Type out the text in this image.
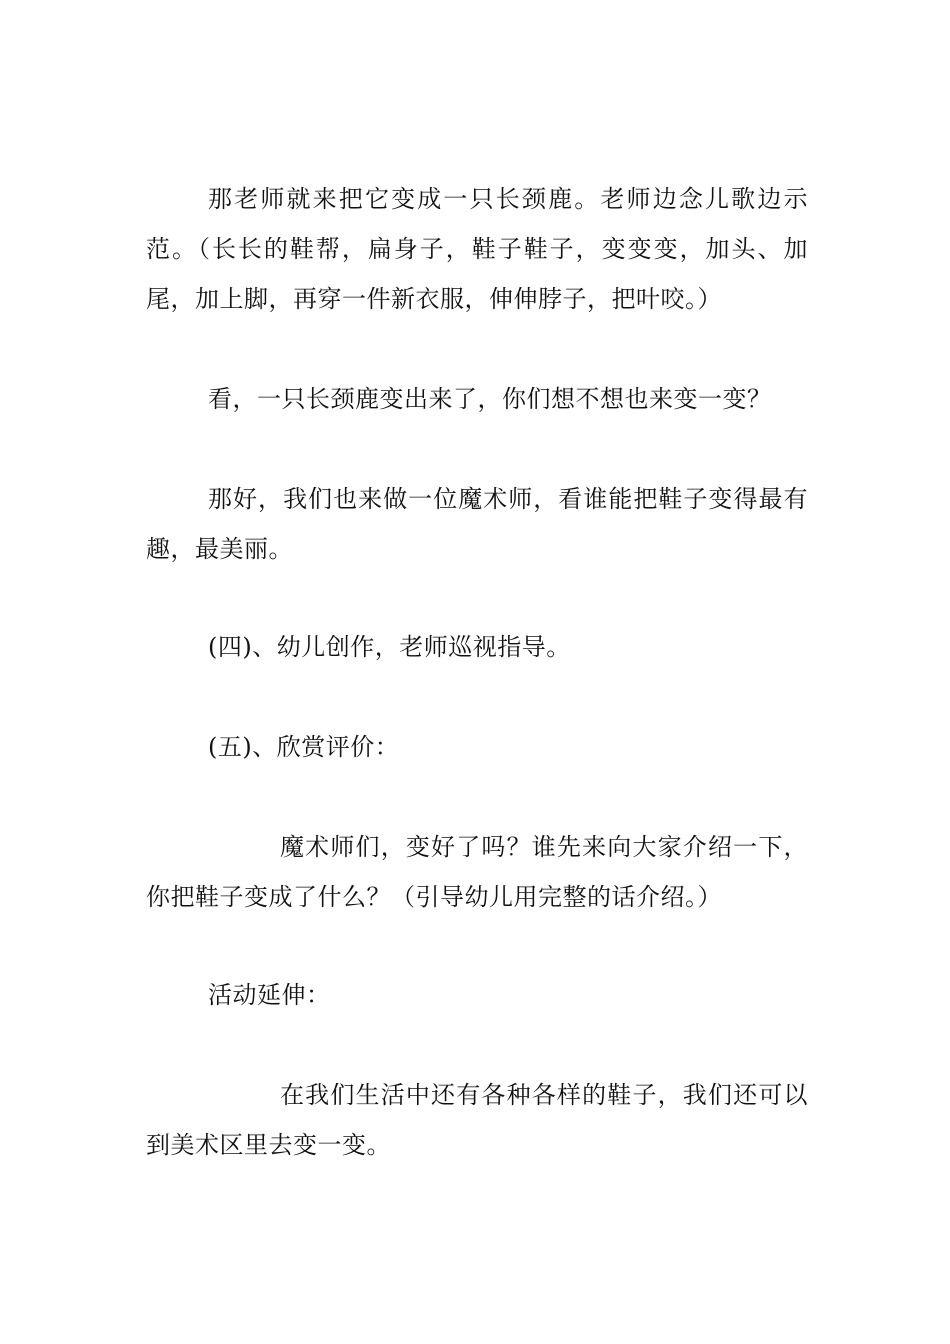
那老师就来把它变成一只长颈鹿。老师边念儿歌边示范。（长长的鞋帮，扁身子，鞋子鞋子，变变变，加头、加尾，加上脚，再穿一件新衣服，伸伸脖子，把叶咬。）

看，一只长颈鹿变出来了，你们想不想也来变一变？

那好，我们也来做一位魔术师，看谁能把鞋子变得最有趣，最美丽。

(四)、幼儿创作，老师巡视指导。

(五)、欣赏评价：

魔术师们，变好了吗？谁先来向大家介绍一下，你把鞋子变成了什么？（引导幼儿用完整的话介绍。）

活动延伸：

在我们生活中还有各种各样的鞋子，我们还可以到美术区里去变一变。
